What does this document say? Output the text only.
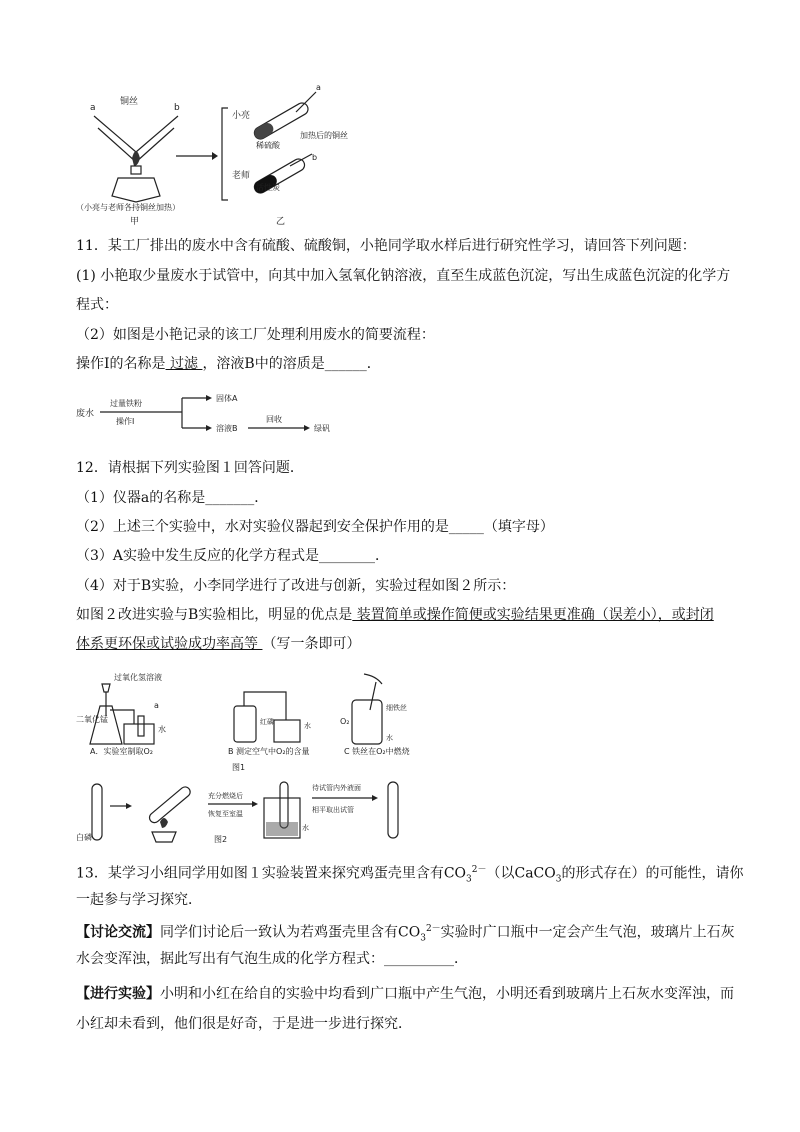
a
铜丝
b
（小亮与老师各持铜丝加热）
甲
小亮
a
稀硫酸
加热后的铜丝
老师
b
活性炭
乙
11．某工厂排出的废水中含有硫酸、硫酸铜，小艳同学取水样后进行研究性学习，请回答下列问题：
(1) 小艳取少量废水于试管中，向其中加入氢氧化钠溶液，直至生成蓝色沉淀，写出生成蓝色沉淀的化学方
程式：
（2）如图是小艳记录的该工厂处理利用废水的简要流程：
操作Ⅰ的名称是 过滤 ，溶液B中的溶质是______．
废水
过量铁粉
操作I
固体A
溶液B
回收
绿矾
12．请根据下列实验图１回答问题．
（1）仪器a的名称是_______．
（2）上述三个实验中，水对实验仪器起到安全保护作用的是_____（填字母）
（3）A实验中发生反应的化学方程式是________．
（4）对于B实验，小李同学进行了改进与创新，实验过程如图２所示：
如图２改进实验与B实验相比，明显的优点是 装置简单或操作简便或实验结果更准确（误差小），或封闭
体系更环保或试验成功率高等 （写一条即可）
过氧化氢溶液
a
水
二氧化锰
A．实验室制取O₂
红磷	水
B 测定空气中O₂的含量
O₂
细铁丝
水
C 铁丝在O₂中燃烧
图1
白磷
充分燃烧后
恢复至室温
水
待试管内外液面
相平取出试管
图2
13．某学习小组同学用如图１实验装置来探究鸡蛋壳里含有$CO_3^{2-}$（以CaCO$_3$的形式存在）的可能性，请你
一起参与学习探究．
【讨论交流】同学们讨论后一致认为若鸡蛋壳里含有$CO_3^{2-}$实验时广口瓶中一定会产生气泡，玻璃片上石灰
水会变浑浊，据此写出有气泡生成的化学方程式：__________．
【进行实验】小明和小红在给自的实验中均看到广口瓶中产生气泡，小明还看到玻璃片上石灰水变浑浊，而
小红却未看到，他们很是好奇，于是进一步进行探究．
